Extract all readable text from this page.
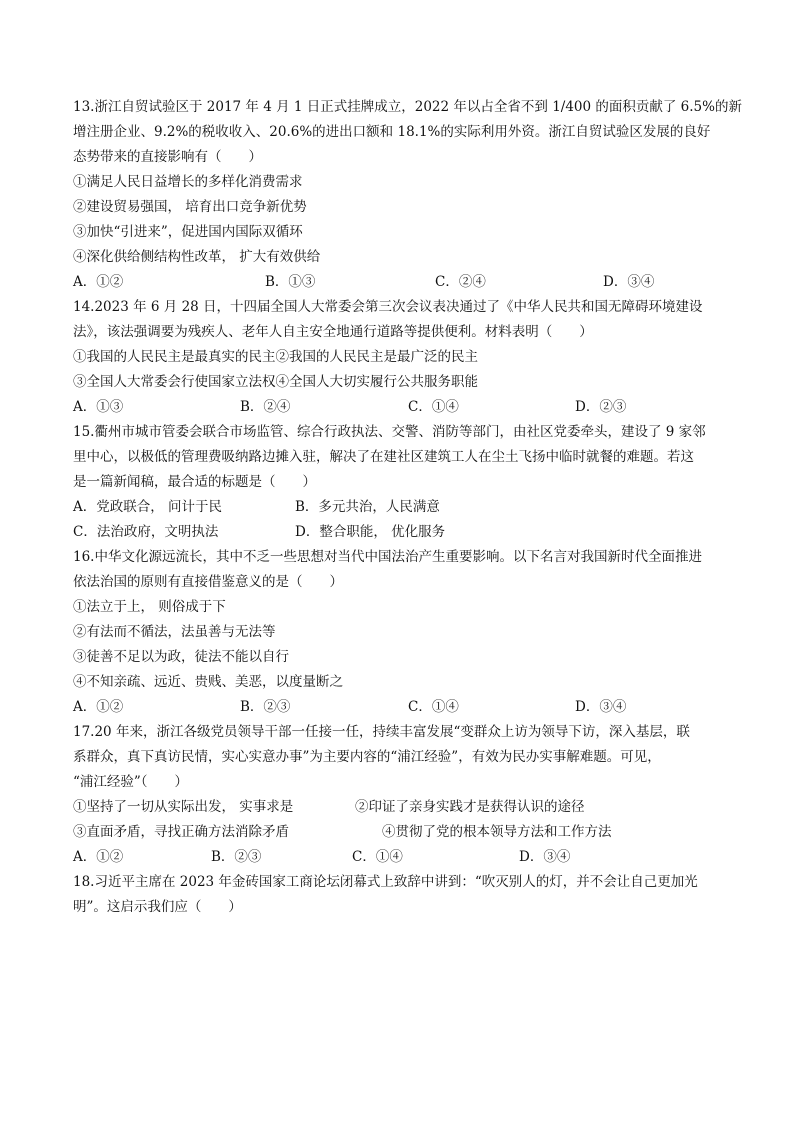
13.浙江自贸试验区于 2017 年 4 月 1 日正式挂牌成立，2022 年以占全省不到 1/400 的面积贡献了 6.5%的新
增注册企业、9.2%的税收收入、20.6%的进出口额和 18.1%的实际利用外资。浙江自贸试验区发展的良好
态势带来的直接影响有（　　）
①满足人民日益增长的多样化消费需求
②建设贸易强国， 培育出口竞争新优势
③加快“引进来”，促进国内国际双循环
④深化供给侧结构性改革， 扩大有效供给
A．①②	B．①③	C．②④	D．③④
14.2023 年 6 月 28 日，十四届全国人大常委会第三次会议表决通过了《中华人民共和国无障碍环境建设
法》，该法强调要为残疾人、老年人自主安全地通行道路等提供便利。材料表明（　　）
①我国的人民民主是最真实的民主②我国的人民民主是最广泛的民主
③全国人大常委会行使国家立法权④全国人大切实履行公共服务职能
A．①③	B．②④	C．①④	D．②③
15.衢州市城市管委会联合市场监管、综合行政执法、交警、消防等部门，由社区党委牵头，建设了 9 家邻
里中心，以极低的管理费吸纳路边摊入驻，解决了在建社区建筑工人在尘土飞扬中临时就餐的难题。若这
是一篇新闻稿，最合适的标题是（　　）
A．党政联合， 问计于民	B．多元共治，人民满意
C．法治政府，文明执法	D．整合职能， 优化服务
16.中华文化源远流长，其中不乏一些思想对当代中国法治产生重要影响。以下名言对我国新时代全面推进
依法治国的原则有直接借鉴意义的是（　　）
①法立于上， 则俗成于下
②有法而不循法，法虽善与无法等
③徒善不足以为政，徒法不能以自行
④不知亲疏、远近、贵贱、美恶，以度量断之
A．①②	B．②③	C．①④	D．③④
17.20 年来，浙江各级党员领导干部一任接一任，持续丰富发展“变群众上访为领导下访，深入基层，联
系群众，真下真访民情，实心实意办事”为主要内容的“浦江经验”，有效为民办实事解难题。可见，
“浦江经验”（　　）
①坚持了一切从实际出发， 实事求是	②印证了亲身实践才是获得认识的途径
③直面矛盾，寻找正确方法消除矛盾	④贯彻了党的根本领导方法和工作方法
A．①②	B．②③	C．①④	D．③④
18.习近平主席在 2023 年金砖国家工商论坛闭幕式上致辞中讲到：“吹灭别人的灯，并不会让自己更加光
明”。这启示我们应（　　）
